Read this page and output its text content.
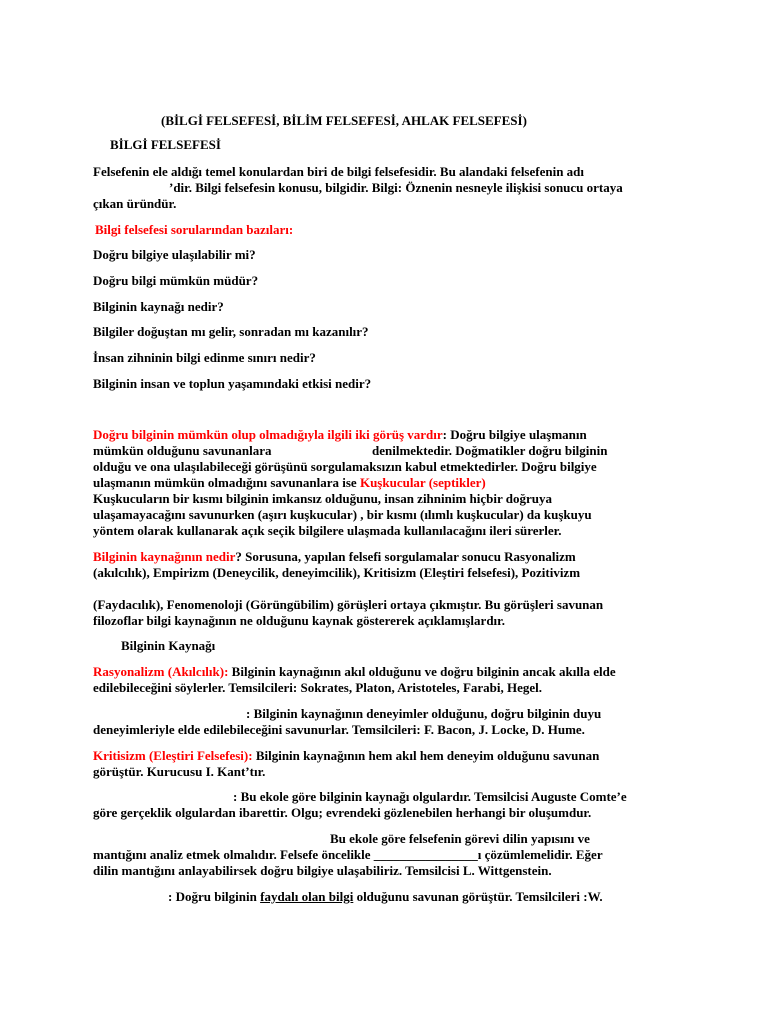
(BİLGİ FELSEFESİ, BİLİM FELSEFESİ, AHLAK FELSEFESİ)
BİLGİ FELSEFESİ
Felsefenin ele aldığı temel konulardan biri de bilgi felsefesidir. Bu alandaki felsefenin adı
’dir. Bilgi felsefesin konusu, bilgidir. Bilgi: Öznenin nesneyle ilişkisi sonucu ortaya
çıkan üründür.
Bilgi felsefesi sorularından bazıları:
Doğru bilgiye ulaşılabilir mi?
Doğru bilgi mümkün müdür?
Bilginin kaynağı nedir?
Bilgiler doğuştan mı gelir, sonradan mı kazanılır?
İnsan zihninin bilgi edinme sınırı nedir?
Bilginin insan ve toplun yaşamındaki etkisi nedir?
Doğru bilginin mümkün olup olmadığıyla ilgili iki görüş vardır: Doğru bilgiye ulaşmanın
mümkün olduğunu savunanlara	denilmektedir. Doğmatikler doğru bilginin
olduğu ve ona ulaşılabileceği görüşünü sorgulamaksızın kabul etmektedirler. Doğru bilgiye
ulaşmanın mümkün olmadığını savunanlara ise Kuşkucular (septikler)
Kuşkucuların bir kısmı bilginin imkansız olduğunu, insan zihninim hiçbir doğruya
ulaşamayacağını savunurken (aşırı kuşkucular) , bir kısmı (ılımlı kuşkucular) da kuşkuyu
yöntem olarak kullanarak açık seçik bilgilere ulaşmada kullanılacağını ileri sürerler.
Bilginin kaynağının nedir? Sorusuna, yapılan felsefi sorgulamalar sonucu Rasyonalizm
(akılcılık), Empirizm (Deneycilik, deneyimcilik), Kritisizm (Eleştiri felsefesi), Pozitivizm
(Faydacılık), Fenomenoloji (Görüngübilim) görüşleri ortaya çıkmıştır. Bu görüşleri savunan
filozoflar bilgi kaynağının ne olduğunu kaynak göstererek açıklamışlardır.
Bilginin Kaynağı
Rasyonalizm (Akılcılık): Bilginin kaynağının akıl olduğunu ve doğru bilginin ancak akılla elde
edilebileceğini söylerler. Temsilcileri: Sokrates, Platon, Aristoteles, Farabi, Hegel.
: Bilginin kaynağının deneyimler olduğunu, doğru bilginin duyu
deneyimleriyle elde edilebileceğini savunurlar. Temsilcileri: F. Bacon, J. Locke, D. Hume.
Kritisizm (Eleştiri Felsefesi): Bilginin kaynağının hem akıl hem deneyim olduğunu savunan
görüştür. Kurucusu I. Kant’tır.
: Bu ekole göre bilginin kaynağı olgulardır. Temsilcisi Auguste Comte’e
göre gerçeklik olgulardan ibarettir. Olgu; evrendeki gözlenebilen herhangi bir oluşumdur.
Bu ekole göre felsefenin görevi dilin yapısını ve
mantığını analiz etmek olmalıdır. Felsefe öncelikle ________________ı çözümlemelidir. Eğer
dilin mantığını anlayabilirsek doğru bilgiye ulaşabiliriz. Temsilcisi L. Wittgenstein.
: Doğru bilginin faydalı olan bilgi olduğunu savunan görüştür. Temsilcileri :W.
